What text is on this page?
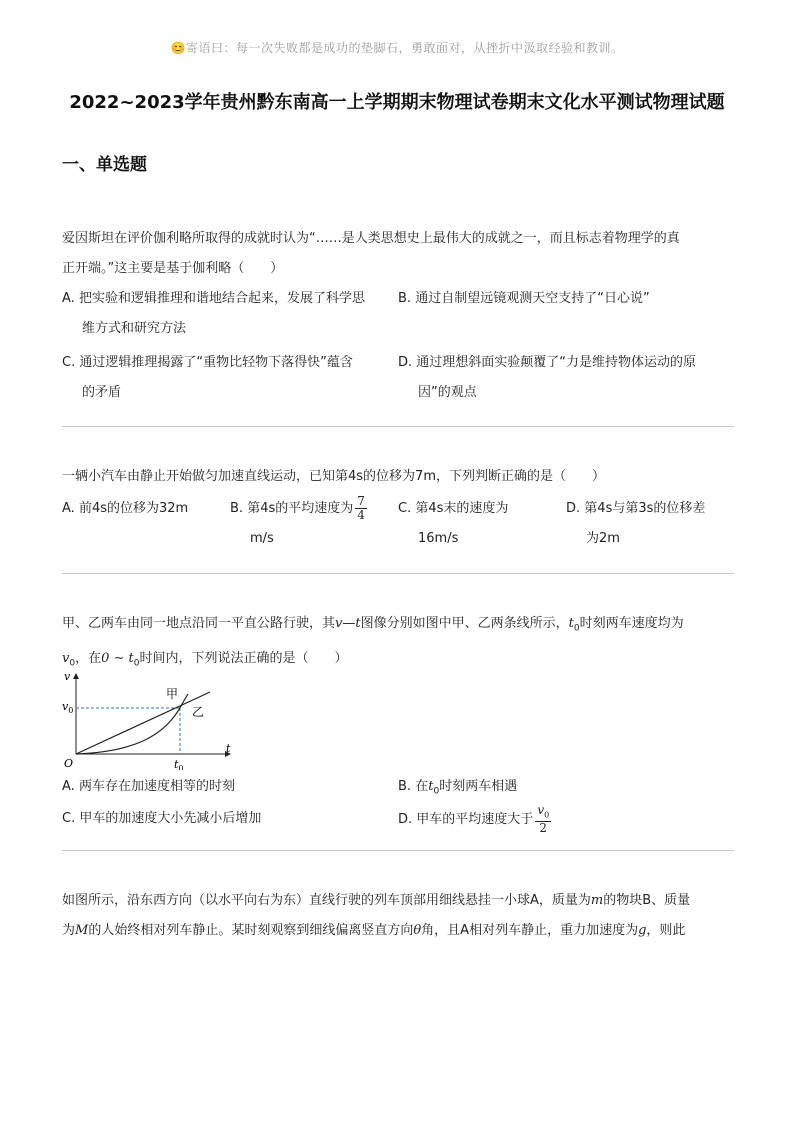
😊寄语曰：每一次失败都是成功的垫脚石，勇敢面对，从挫折中汲取经验和教训。
2022~2023学年贵州黔东南高一上学期期末物理试卷期末文化水平测试物理试题
一、单选题
爱因斯坦在评价伽利略所取得的成就时认为“……是人类思想史上最伟大的成就之一，而且标志着物理学的真
正开端。”这主要是基于伽利略（　　）
A. 把实验和逻辑推理和谐地结合起来，发展了科学思
维方式和研究方法
B. 通过自制望远镜观测天空支持了“日心说”
C. 通过逻辑推理揭露了“重物比轻物下落得快”蕴含
的矛盾
D. 通过理想斜面实验颠覆了“力是维持物体运动的原
因”的观点
一辆小汽车由静止开始做匀加速直线运动，已知第4s的位移为7m，下列判断正确的是（　　）
A. 前4s的位移为32m	B. 第4s的平均速度为 $\frac{7}{4}$

m/s
C. 第4s末的速度为
16m/s
D. 第4s与第3s的位移差
为2m
甲、乙两车由同一地点沿同一平直公路行驶，其v—t图像分别如图中甲、乙两条线所示，$t_0$时刻两车速度均为
$v_0$，在0 ∼ $t_0$时间内，下列说法正确的是（　　）
v
t
O
$v_0$
$t_0$
甲
乙
A. 两车存在加速度相等的时刻	B. 在$t_0$时刻两车相遇
C. 甲车的加速度大小先减小后增加	D. 甲车的平均速度大于 $\frac{v_0}{2}$
如图所示，沿东西方向（以水平向右为东）直线行驶的列车顶部用细线悬挂一小球A，质量为m的物块B、质量
为M的人始终相对列车静止。某时刻观察到细线偏离竖直方向θ角，且A相对列车静止，重力加速度为g，则此
